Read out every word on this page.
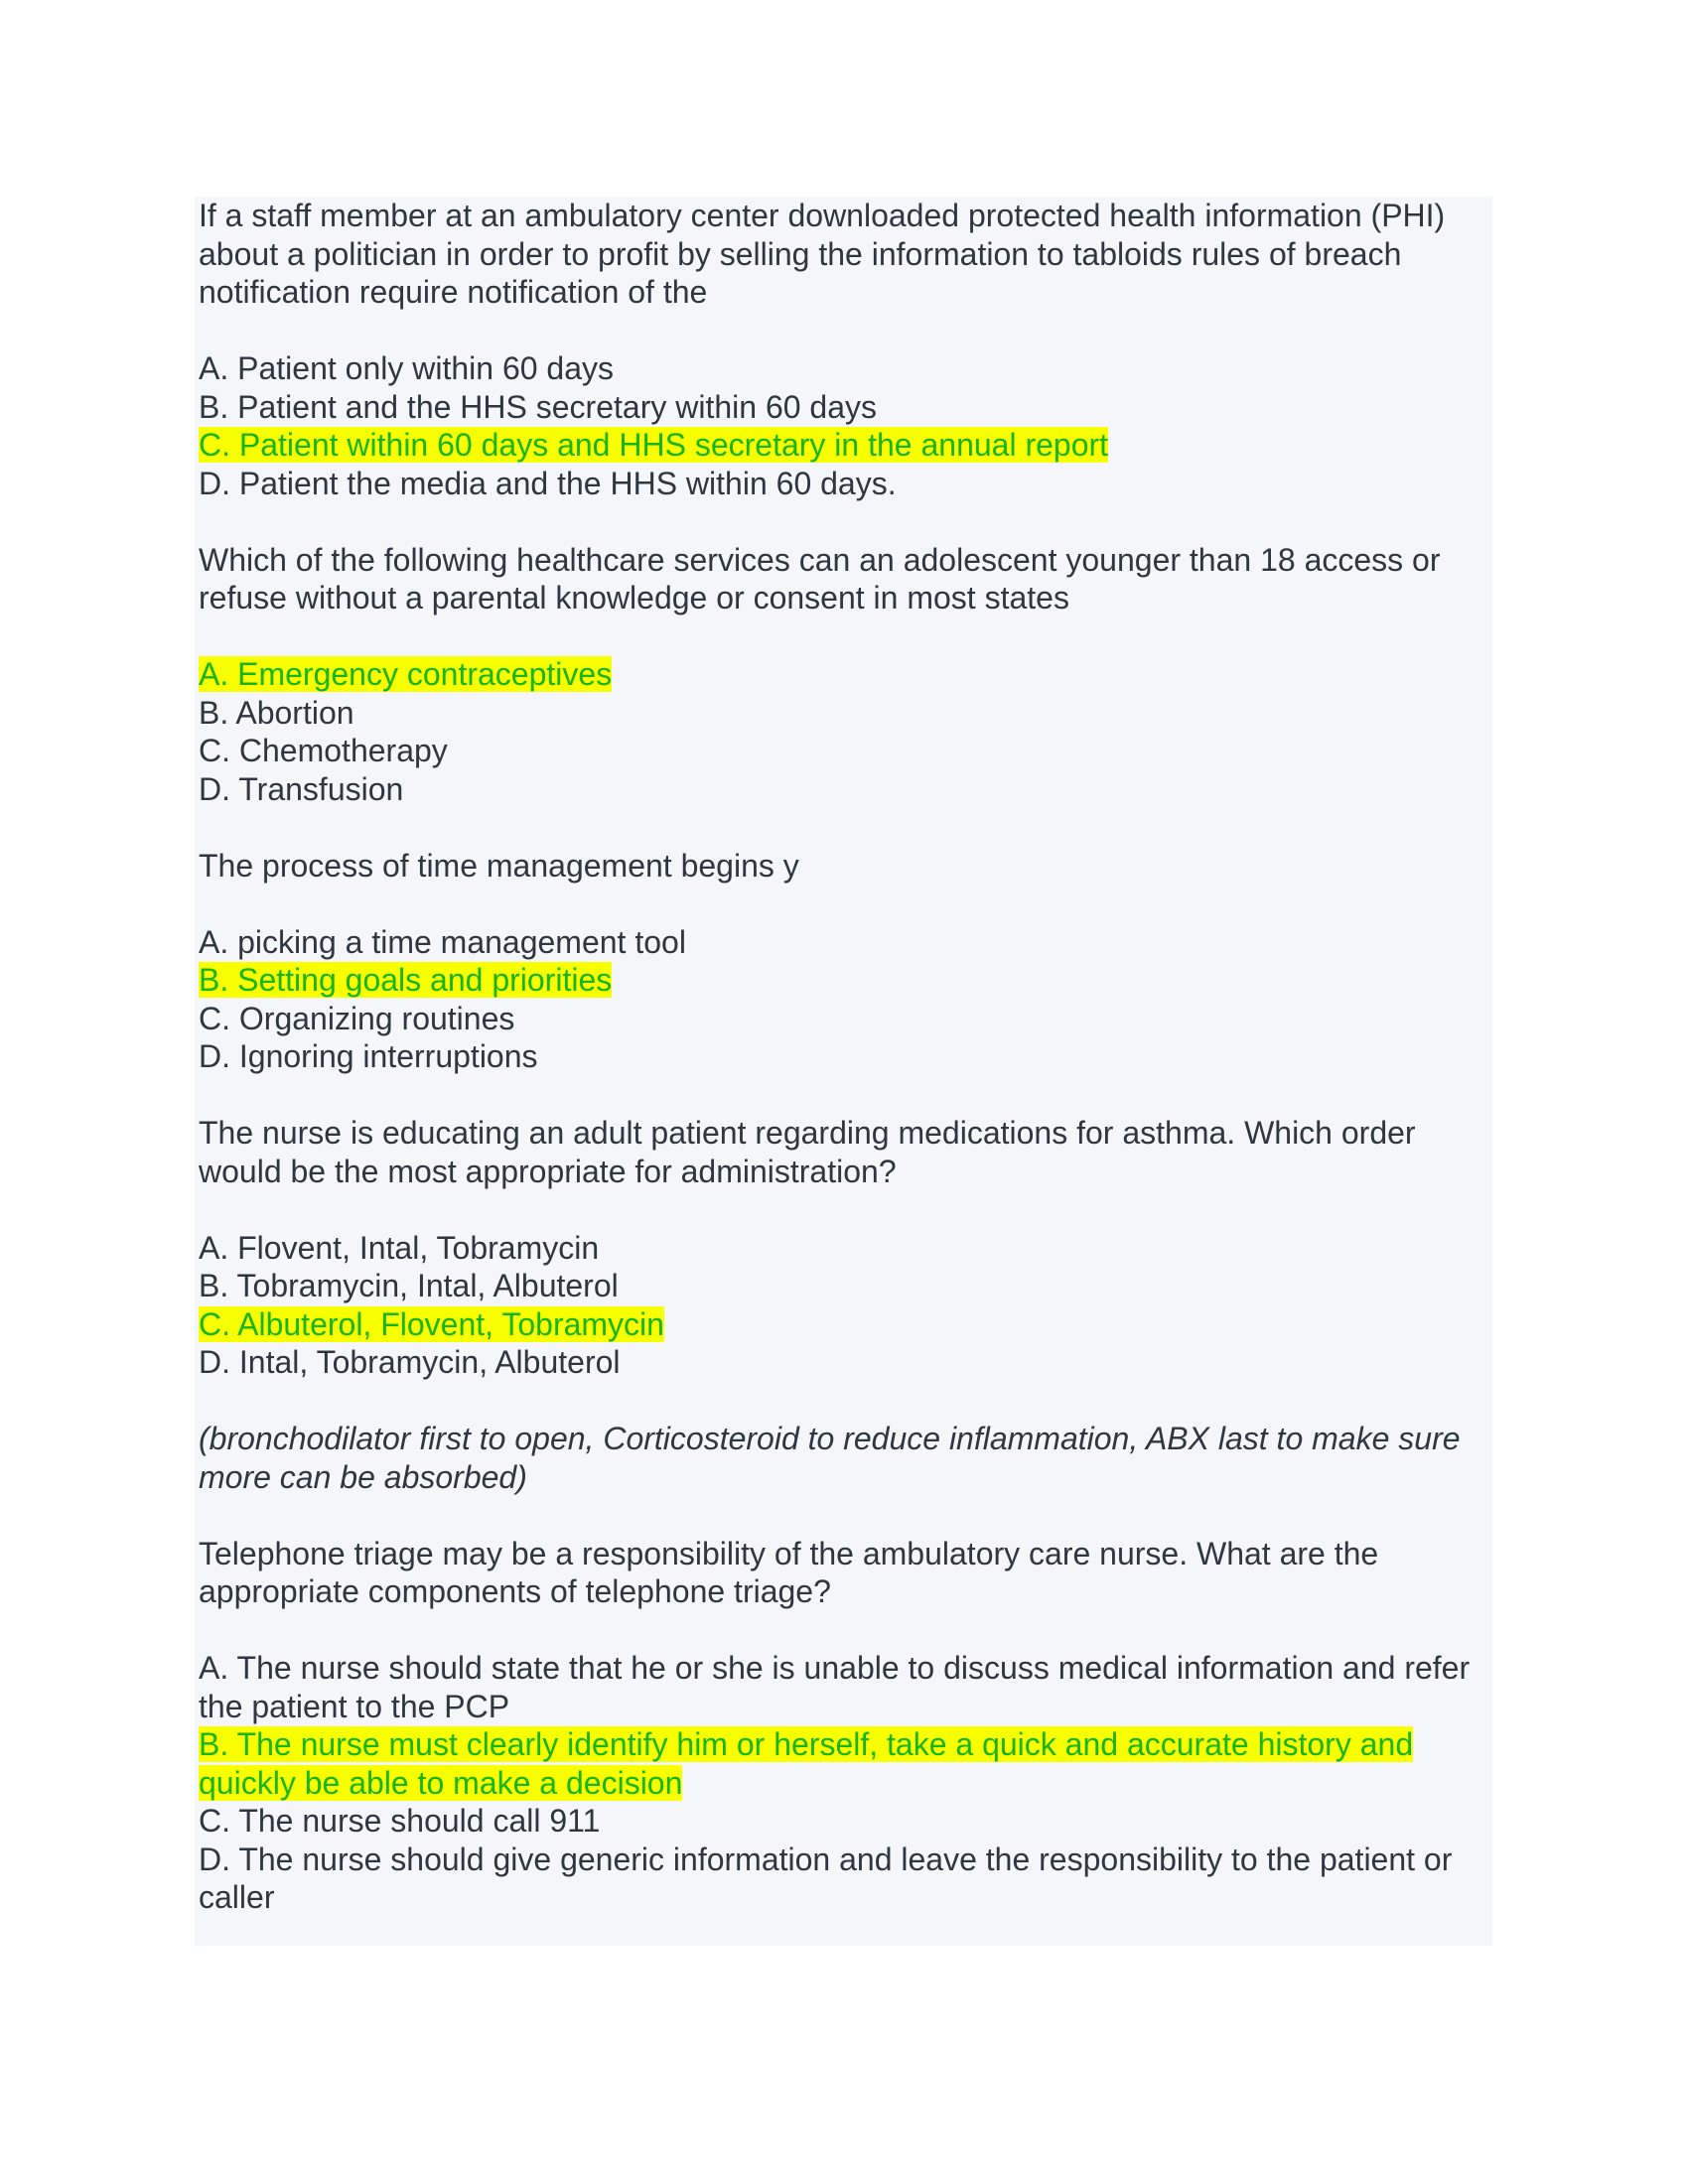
If a staff member at an ambulatory center downloaded protected health information (PHI) about a politician in order to profit by selling the information to tabloids rules of breach notification require notification of the
A. Patient only within 60 days
B. Patient and the HHS secretary within 60 days
C. Patient within 60 days and HHS secretary in the annual report
D. Patient the media and the HHS within 60 days.
Which of the following healthcare services can an adolescent younger than 18 access or refuse without a parental knowledge or consent in most states
A. Emergency contraceptives
B. Abortion
C. Chemotherapy
D. Transfusion
The process of time management begins y
A. picking a time management tool
B. Setting goals and priorities
C. Organizing routines
D. Ignoring interruptions
The nurse is educating an adult patient regarding medications for asthma. Which order would be the most appropriate for administration?
A. Flovent, Intal, Tobramycin
B. Tobramycin, Intal, Albuterol
C. Albuterol, Flovent, Tobramycin
D. Intal, Tobramycin, Albuterol
(bronchodilator first to open, Corticosteroid to reduce inflammation, ABX last to make sure more can be absorbed)
Telephone triage may be a responsibility of the ambulatory care nurse. What are the appropriate components of telephone triage?
A. The nurse should state that he or she is unable to discuss medical information and refer the patient to the PCP
B. The nurse must clearly identify him or herself, take a quick and accurate history and quickly be able to make a decision
C. The nurse should call 911
D. The nurse should give generic information and leave the responsibility to the patient or caller
